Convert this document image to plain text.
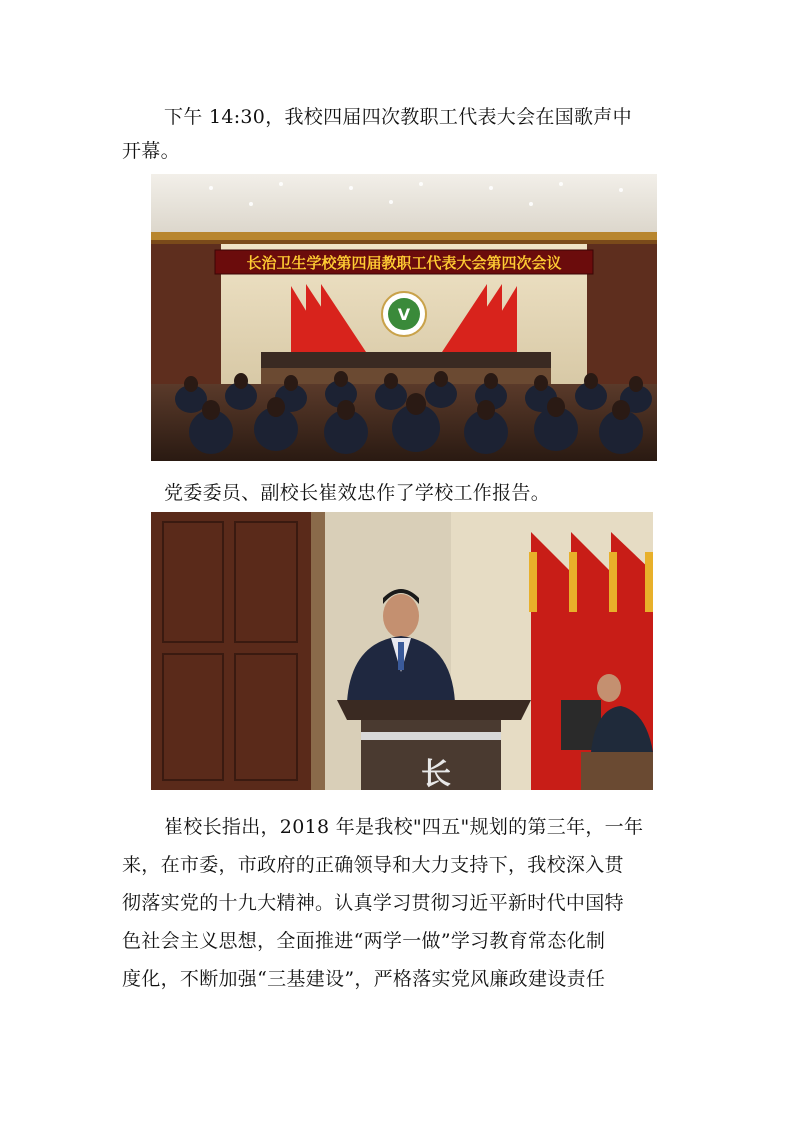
下午 14:30，我校四届四次教职工代表大会在国歌声中
开幕。
长治卫生学校第四届教职工代表大会第四次会议
V
党委委员、副校长崔效忠作了学校工作报告。
长
崔校长指出，2018 年是我校"四五"规划的第三年，一年
来，在市委，市政府的正确领导和大力支持下，我校深入贯
彻落实党的十九大精神。认真学习贯彻习近平新时代中国特
色社会主义思想，全面推进“两学一做”学习教育常态化制
度化，不断加强“三基建设”，严格落实党风廉政建设责任
